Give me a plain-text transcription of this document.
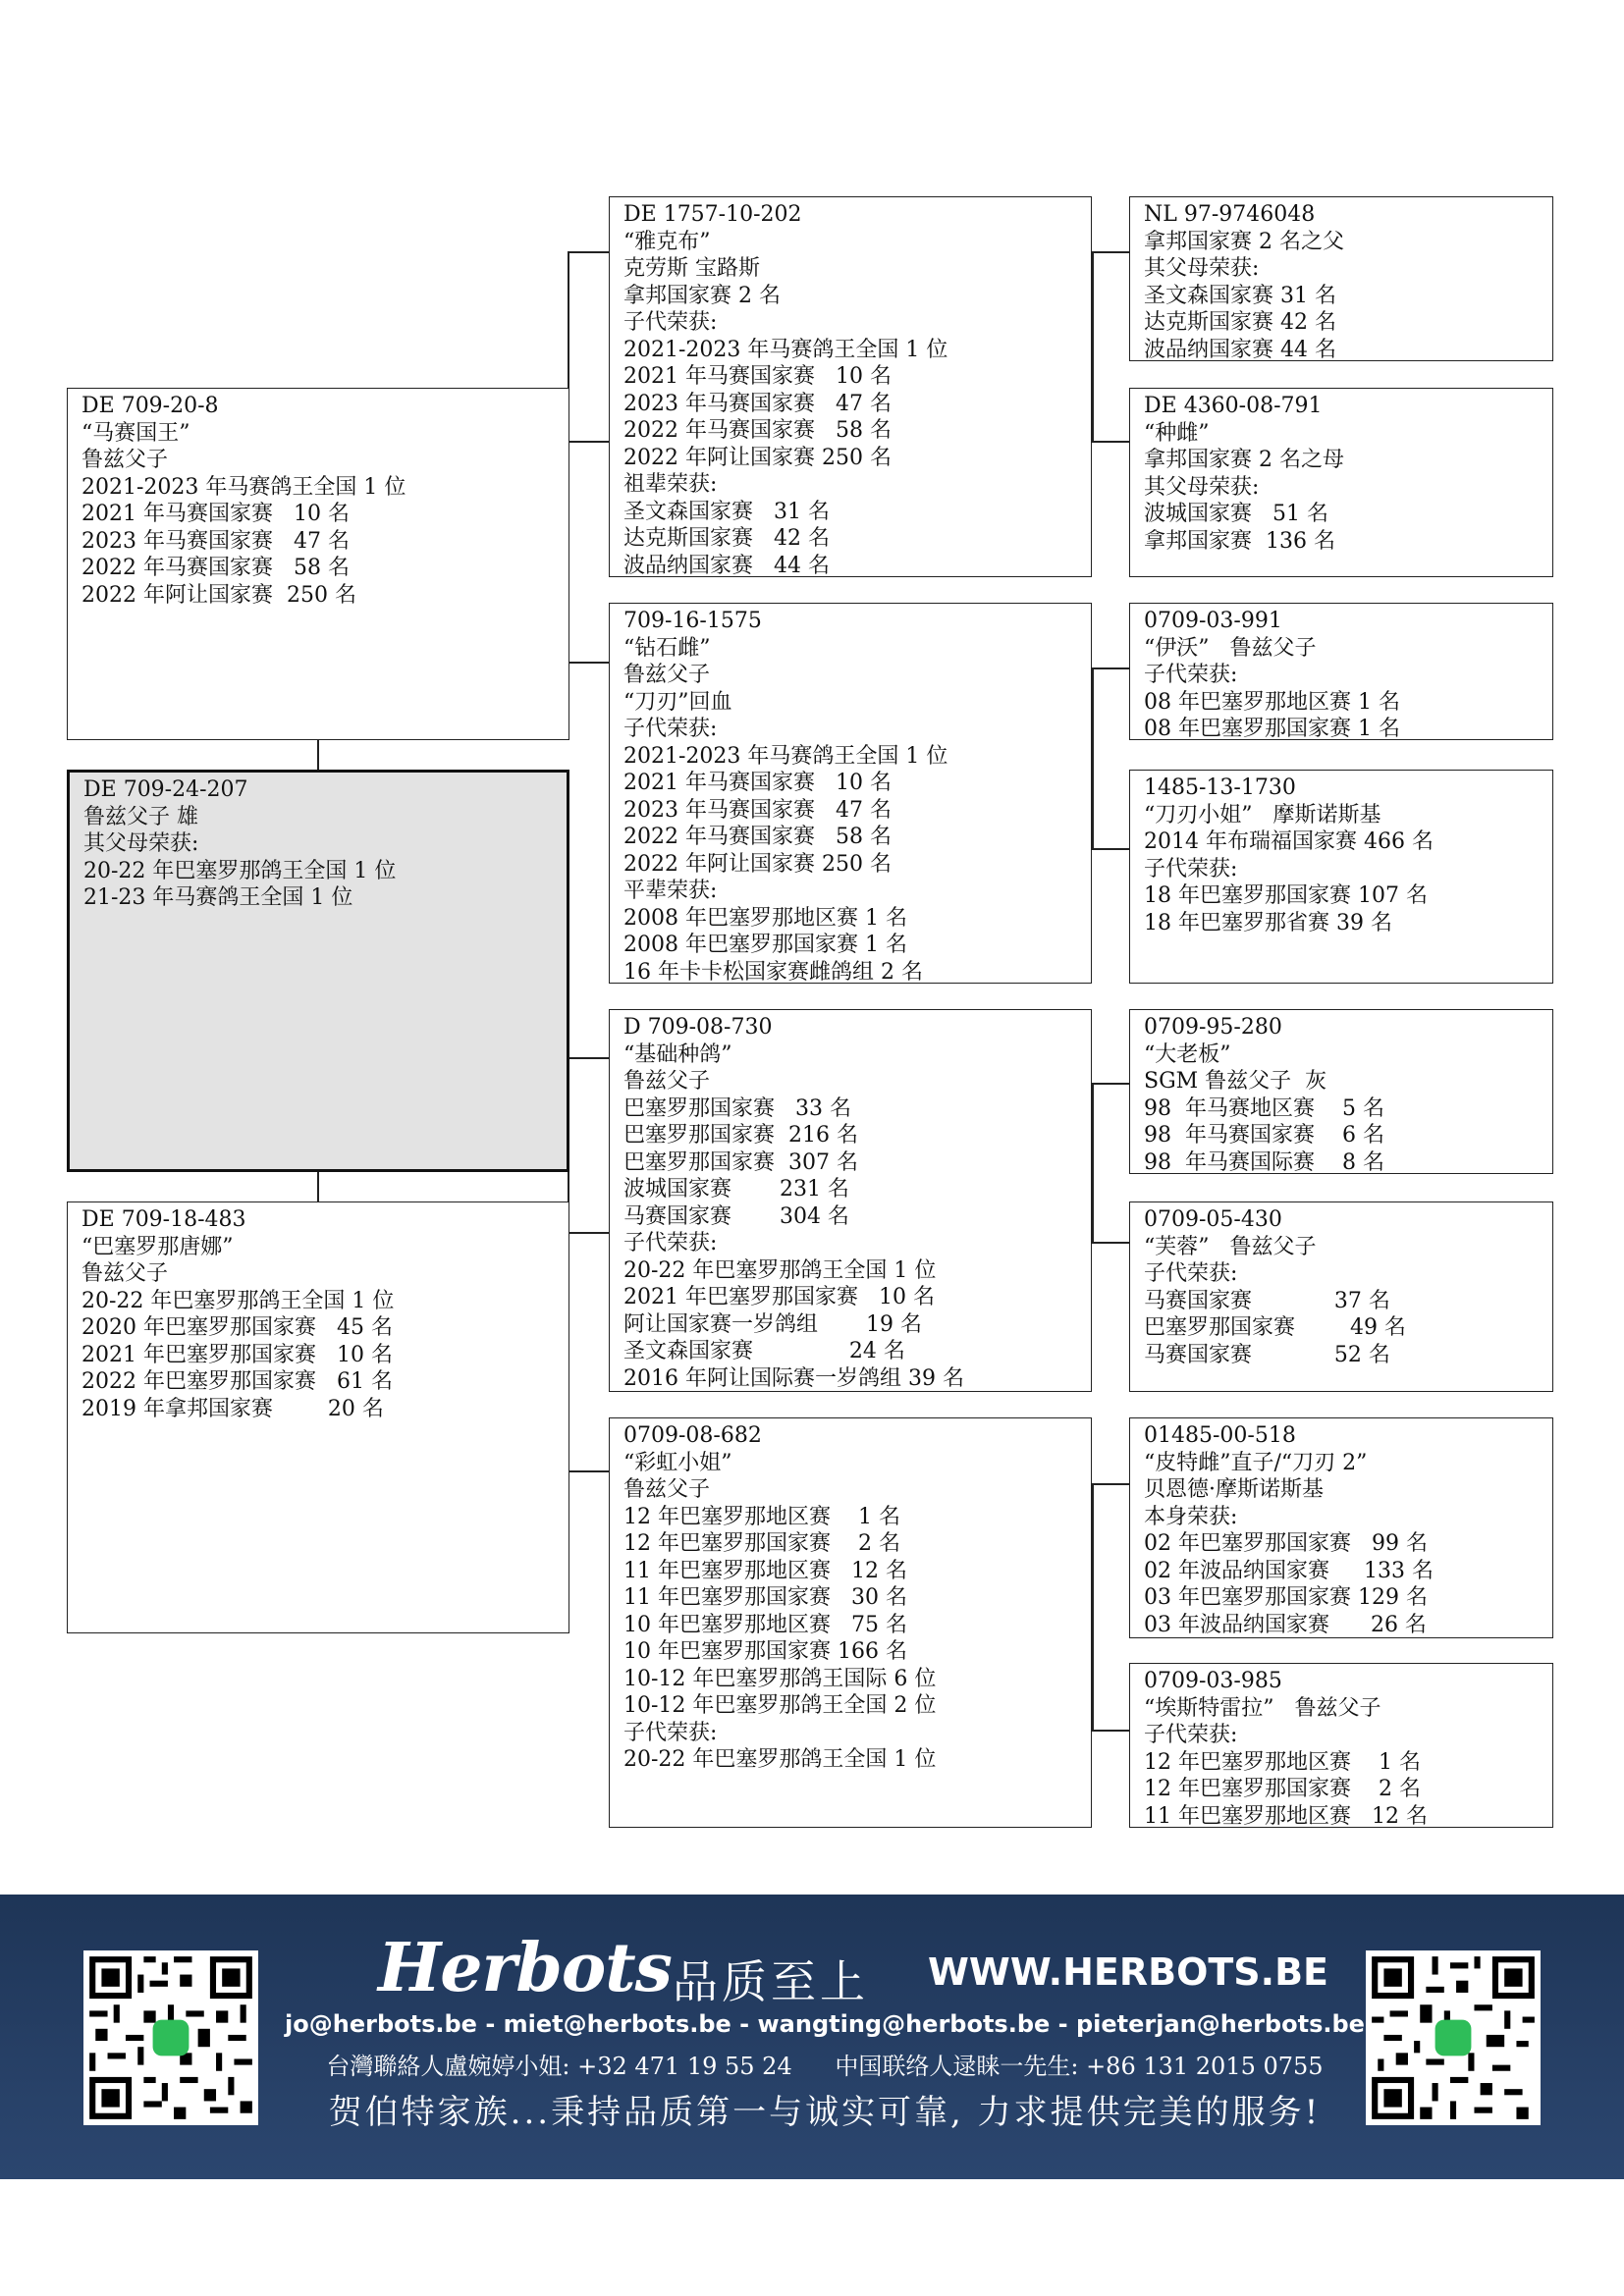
DE 709-24-207
鲁兹父子 雄
其父母荣获:
20-22 年巴塞罗那鸽王全国 1 位
21-23 年马赛鸽王全国 1 位
DE 709-20-8
“马赛国王”
鲁兹父子
2021-2023 年马赛鸽王全国 1 位
2021 年马赛国家赛   10 名
2023 年马赛国家赛   47 名
2022 年马赛国家赛   58 名
2022 年阿让国家赛  250 名
DE 709-18-483
“巴塞罗那唐娜”
鲁兹父子
20-22 年巴塞罗那鸽王全国 1 位
2020 年巴塞罗那国家赛   45 名
2021 年巴塞罗那国家赛   10 名
2022 年巴塞罗那国家赛   61 名
2019 年拿邦国家赛        20 名
DE 1757-10-202
“雅克布”
克劳斯 宝路斯
拿邦国家赛 2 名
子代荣获:
2021-2023 年马赛鸽王全国 1 位
2021 年马赛国家赛   10 名
2023 年马赛国家赛   47 名
2022 年马赛国家赛   58 名
2022 年阿让国家赛 250 名
祖辈荣获:
圣文森国家赛   31 名
达克斯国家赛   42 名
波品纳国家赛   44 名
709-16-1575
“钻石雌”
鲁兹父子
“刀刃”回血
子代荣获:
2021-2023 年马赛鸽王全国 1 位
2021 年马赛国家赛   10 名
2023 年马赛国家赛   47 名
2022 年马赛国家赛   58 名
2022 年阿让国家赛 250 名
平辈荣获:
2008 年巴塞罗那地区赛 1 名
2008 年巴塞罗那国家赛 1 名
16 年卡卡松国家赛雌鸽组 2 名
D 709-08-730
“基础种鸽”
鲁兹父子
巴塞罗那国家赛   33 名
巴塞罗那国家赛  216 名
巴塞罗那国家赛  307 名
波城国家赛       231 名
马赛国家赛       304 名
子代荣获:
20-22 年巴塞罗那鸽王全国 1 位
2021 年巴塞罗那国家赛   10 名
阿让国家赛一岁鸽组       19 名
圣文森国家赛              24 名
2016 年阿让国际赛一岁鸽组 39 名
0709-08-682
“彩虹小姐”
鲁兹父子
12 年巴塞罗那地区赛    1 名
12 年巴塞罗那国家赛    2 名
11 年巴塞罗那地区赛   12 名
11 年巴塞罗那国家赛   30 名
10 年巴塞罗那地区赛   75 名
10 年巴塞罗那国家赛 166 名
10-12 年巴塞罗那鸽王国际 6 位
10-12 年巴塞罗那鸽王全国 2 位
子代荣获:
20-22 年巴塞罗那鸽王全国 1 位
NL 97-9746048
拿邦国家赛 2 名之父
其父母荣获:
圣文森国家赛 31 名
达克斯国家赛 42 名
波品纳国家赛 44 名
DE 4360-08-791
“种雌”
拿邦国家赛 2 名之母
其父母荣获:
波城国家赛   51 名
拿邦国家赛  136 名
0709-03-991
“伊沃”   鲁兹父子
子代荣获:
08 年巴塞罗那地区赛 1 名
08 年巴塞罗那国家赛 1 名
1485-13-1730
“刀刃小姐”   摩斯诺斯基
2014 年布瑞福国家赛 466 名
子代荣获:
18 年巴塞罗那国家赛 107 名
18 年巴塞罗那省赛 39 名
0709-95-280
“大老板”
SGM 鲁兹父子  灰
98  年马赛地区赛    5 名
98  年马赛国家赛    6 名
98  年马赛国际赛    8 名
0709-05-430
“芙蓉”   鲁兹父子
子代荣获:
马赛国家赛            37 名
巴塞罗那国家赛        49 名
马赛国家赛            52 名
01485-00-518
“皮特雌”直子/“刀刃 2”
贝恩德·摩斯诺斯基
本身荣获:
02 年巴塞罗那国家赛   99 名
02 年波品纳国家赛     133 名
03 年巴塞罗那国家赛 129 名
03 年波品纳国家赛      26 名
0709-03-985
“埃斯特雷拉”   鲁兹父子
子代荣获:
12 年巴塞罗那地区赛    1 名
12 年巴塞罗那国家赛    2 名
11 年巴塞罗那地区赛   12 名
Herbots 品质至上 WWW.HERBOTS.BE
jo@herbots.be - miet@herbots.be - wangting@herbots.be - pieterjan@herbots.be
台灣聯絡人盧婉婷小姐: +32 471 19 55 24 中国联络人逯睐一先生: +86 131 2015 0755
贺伯特家族...秉持品质第一与诚实可靠, 力求提供完美的服务!
